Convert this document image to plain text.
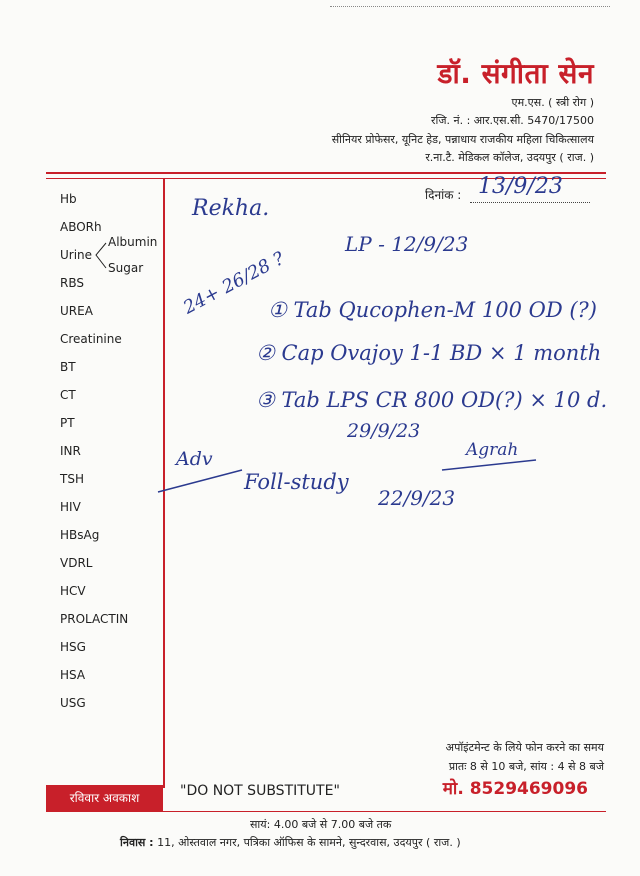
डॉ. संगीता सेन
एम.एस. ( स्त्री रोग )
रजि. नं. : आर.एस.सी. 5470/17500
सीनियर प्रोफेसर, यूनिट हेड, पन्नाधाय राजकीय महिला चिकित्सालय
र.ना.टै. मेडिकल कॉलेज, उदयपुर ( राज. )
दिनांक : 13/9/23
Hb
ABORh
Urine
RBS
UREA
Creatinine
BT
CT
PT
INR
TSH
HIV
HBsAg
VDRL
HCV
PROLACTIN
HSG
HSA
USG
Albumin
Sugar
Rekha.
LP - 12/9/23
24+ 26/28 ?
① Tab Qucophen-M 100 OD (?)
② Cap Ovajoy 1-1 BD × 1 month
③ Tab LPS CR 800 OD(?) × 10 d.
29/9/23
Adv
Foll-study
22/9/23
Agrah
अपॉइंटमेन्ट के लिये फोन करने का समय
प्रातः 8 से 10 बजे, सांय : 4 से 8 बजे
मो. 8529469096
रविवार अवकाश	"DO NOT SUBSTITUTE"
सायं: 4.00 बजे से 7.00 बजे तक
निवास : 11, ओस्तवाल नगर, पत्रिका ऑफिस के सामने, सुन्दरवास, उदयपुर ( राज. )
